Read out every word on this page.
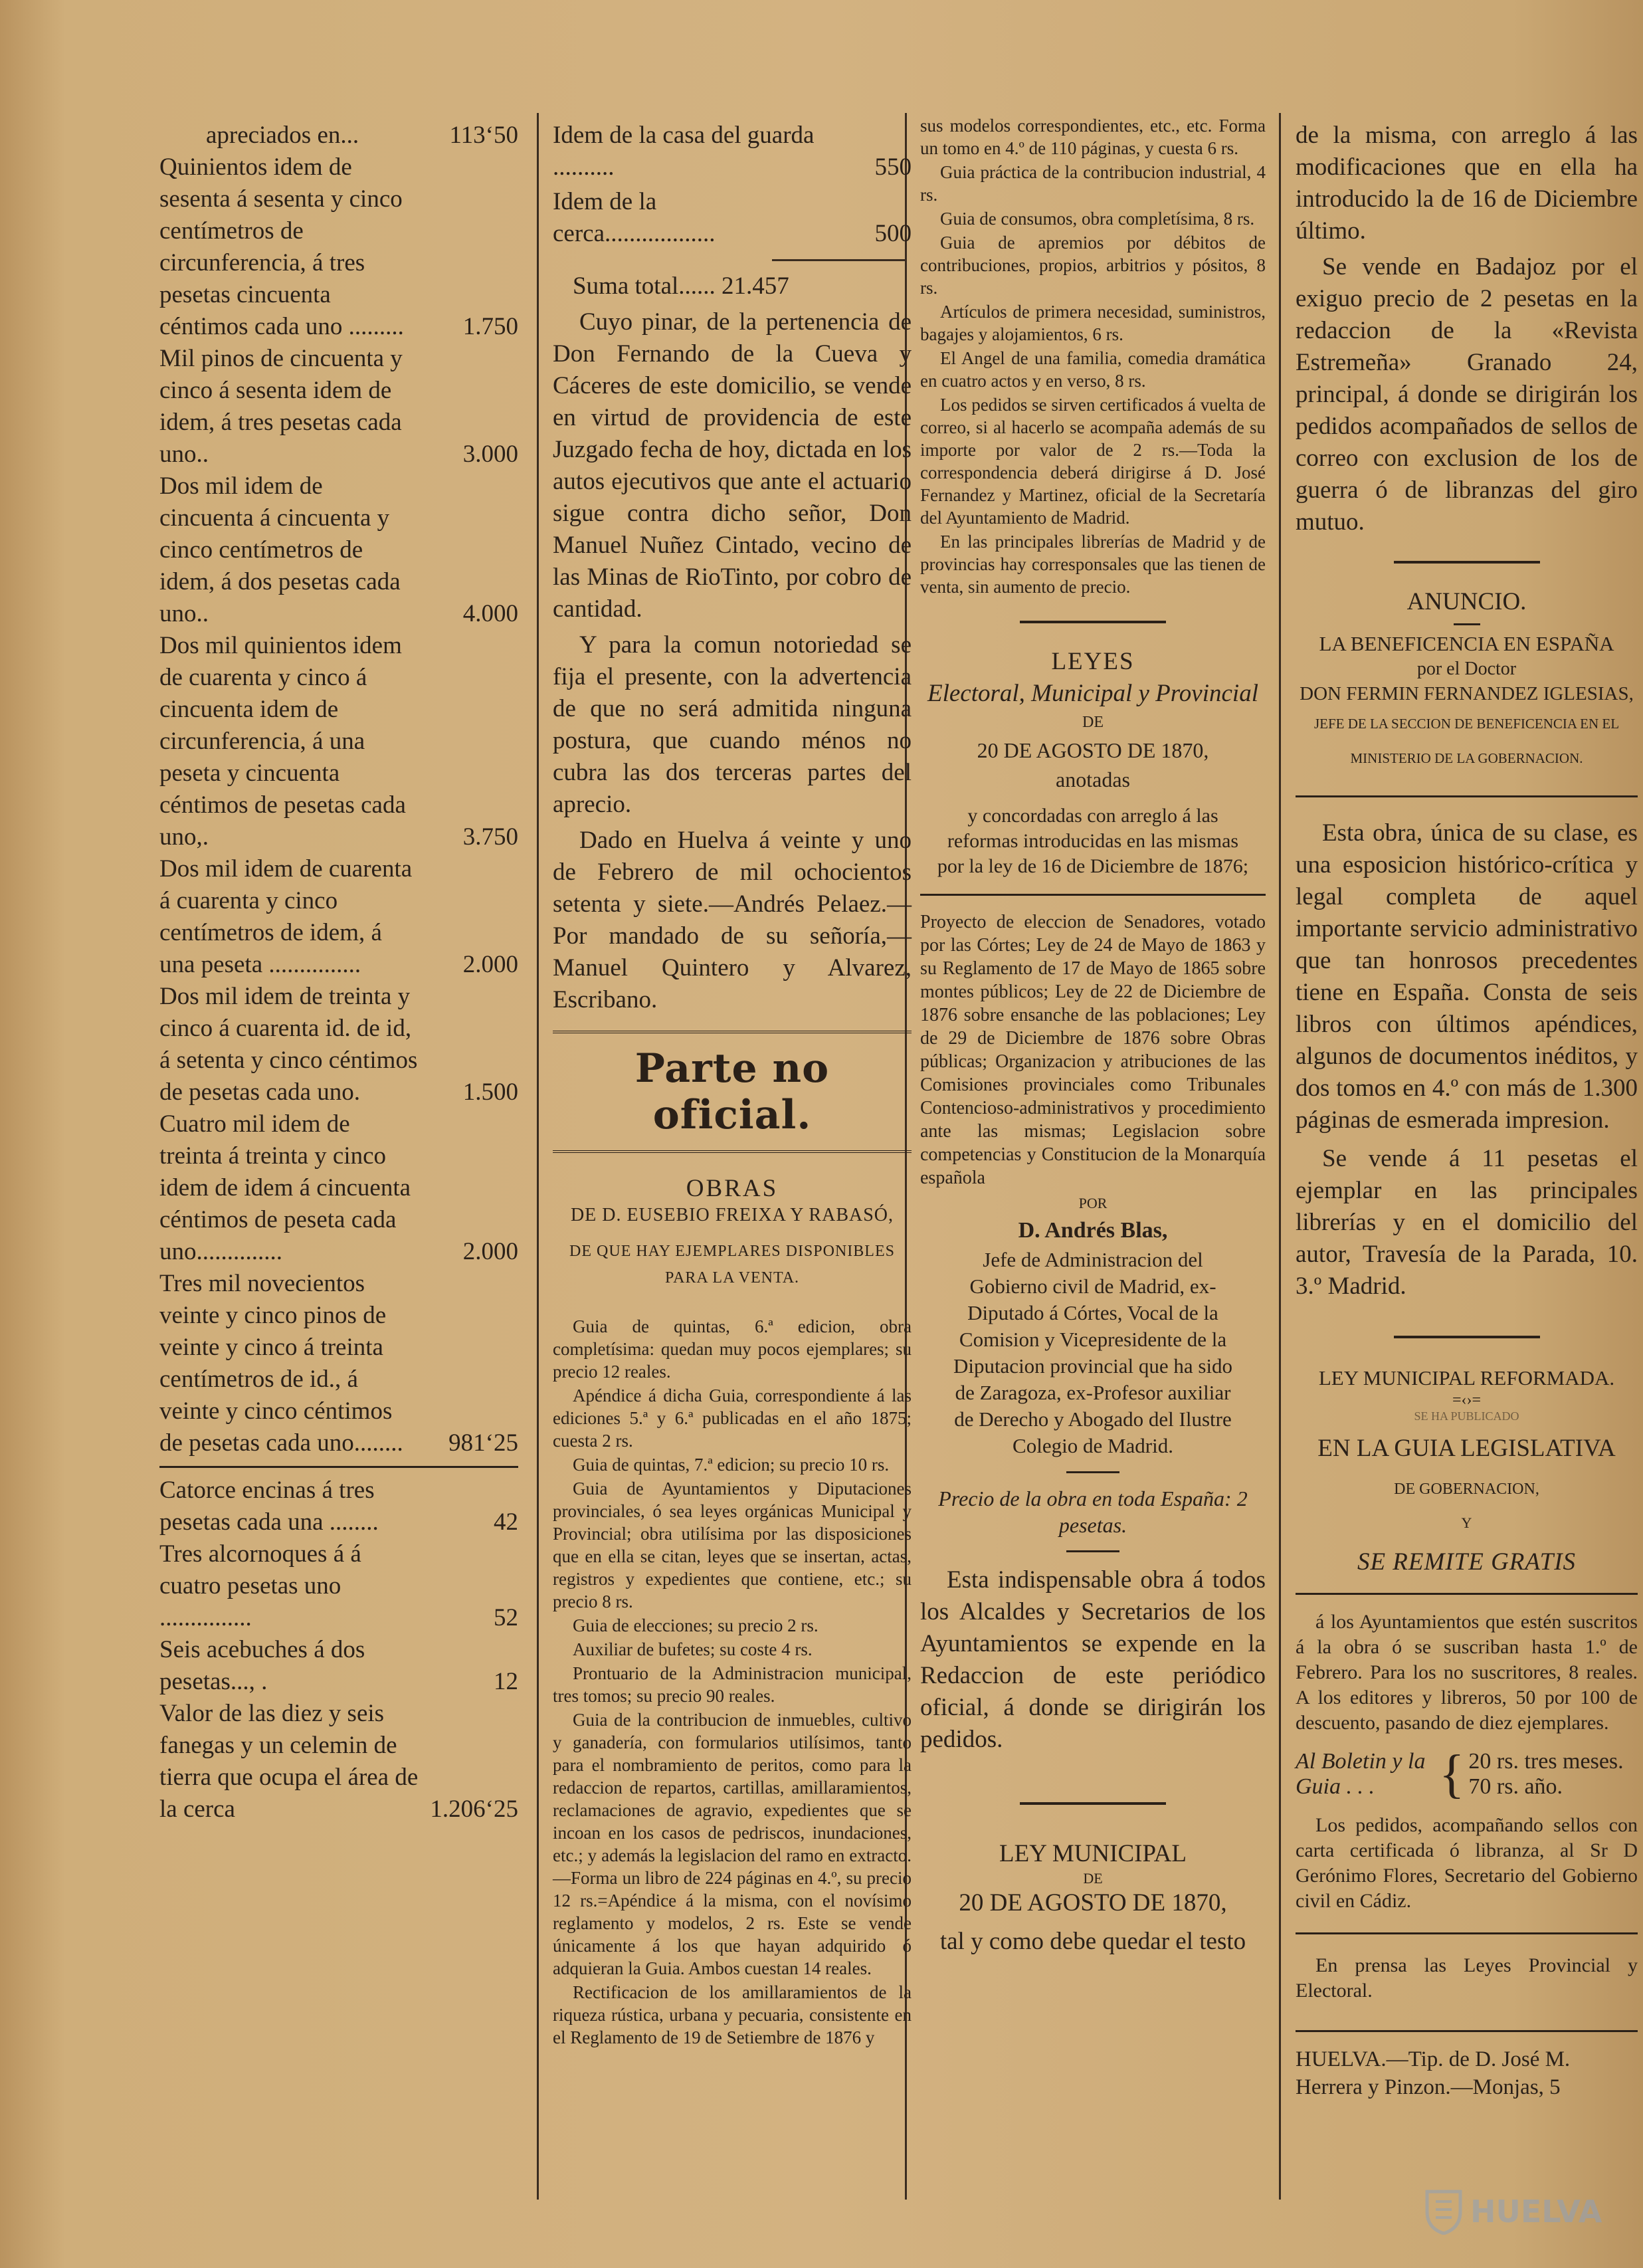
apreciados en...	113‘50
Quinientos idem de sesenta á sesenta y cinco centímetros de circunferencia, á tres pesetas cincuenta céntimos cada uno .........	1.750
Mil pinos de cincuenta y cinco á sesenta idem de idem, á tres pesetas cada uno..	3.000
Dos mil idem de cincuenta á cincuenta y cinco centímetros de idem, á dos pesetas cada uno..	4.000
Dos mil quinientos idem de cuarenta y cinco á cincuenta idem de circunferencia, á una peseta y cincuenta céntimos de pesetas cada uno,.	3.750
Dos mil idem de cuarenta á cuarenta y cinco centímetros de idem, á una peseta ...............	2.000
Dos mil idem de treinta y cinco á cuarenta id. de id, á setenta y cinco céntimos de pesetas cada uno.	1.500
Cuatro mil idem de treinta á treinta y cinco idem de idem á cincuenta céntimos de peseta cada uno..............	2.000
Tres mil novecientos veinte y cinco pinos de veinte y cinco á treinta centímetros de id., á veinte y cinco céntimos de pesetas cada uno........	981‘25
Catorce encinas á tres pesetas cada una ........	42
Tres alcornoques á á cuatro pesetas uno ...............	52
Seis acebuches á dos pesetas..., .	12
Valor de las diez y seis fanegas y un celemin de tierra que ocupa el área de la cerca	1.206‘25
Idem de la casa del guarda ..........	550
Idem de la cerca..................	500
Suma total...... 21.457

Cuyo pinar, de la pertenencia de Don Fernando de la Cueva y Cáceres de este domicilio, se vende en virtud de providencia de este Juzgado fecha de hoy, dictada en los autos ejecutivos que ante el actuario sigue contra dicho señor, Don Manuel Nuñez Cintado, vecino de las Minas de RioTinto, por cobro de cantidad.

Y para la comun notoriedad se fija el presente, con la advertencia de que no será admitida ninguna postura, que cuando ménos no cubra las dos terceras partes del aprecio.

Dado en Huelva á veinte y uno de Febrero de mil ochocientos setenta y siete.—Andrés Pelaez.—Por mandado de su señoría,—Manuel Quintero y Alvarez, Escribano.

Parte no oficial.
OBRAS
DE D. EUSEBIO FREIXA Y RABASÓ,
DE QUE HAY EJEMPLARES DISPONIBLES PARA LA VENTA.

Guia de quintas, 6.ª edicion, obra completísima: quedan muy pocos ejemplares; su precio 12 reales.

Apéndice á dicha Guia, correspondiente á las ediciones 5.ª y 6.ª publicadas en el año 1875; cuesta 2 rs.

Guia de quintas, 7.ª edicion; su precio 10 rs.

Guia de Ayuntamientos y Diputaciones provinciales, ó sea leyes orgánicas Municipal y Provincial; obra utilísima por las disposiciones que en ella se citan, leyes que se insertan, actas, registros y expedientes que contiene, etc.; su precio 8 rs.

Guia de elecciones; su precio 2 rs.

Auxiliar de bufetes; su coste 4 rs.

Prontuario de la Administracion municipal, tres tomos; su precio 90 reales.

Guia de la contribucion de inmuebles, cultivo y ganadería, con formularios utilísimos, tanto para el nombramiento de peritos, como para la redaccion de repartos, cartillas, amillaramientos, reclamaciones de agravio, expedientes que se incoan en los casos de pedriscos, inundaciones, etc.; y además la legislacion del ramo en extracto.—Forma un libro de 224 páginas en 4.º, su precio 12 rs.=Apéndice á la misma, con el novísimo reglamento y modelos, 2 rs. Este se vende únicamente á los que hayan adquirido ó adquieran la Guia. Ambos cuestan 14 reales.

Rectificacion de los amillaramientos de la riqueza rústica, urbana y pecuaria, consistente en el Reglamento de 19 de Setiembre de 1876 y

sus modelos correspondientes, etc., etc. Forma un tomo en 4.º de 110 páginas, y cuesta 6 rs.

Guia práctica de la contribucion industrial, 4 rs.

Guia de consumos, obra completísima, 8 rs.

Guia de apremios por débitos de contribuciones, propios, arbitrios y pósitos, 8 rs.

Artículos de primera necesidad, suministros, bagajes y alojamientos, 6 rs.

El Angel de una familia, comedia dramática en cuatro actos y en verso, 8 rs.

Los pedidos se sirven certificados á vuelta de correo, si al hacerlo se acompaña además de su importe por valor de 2 rs.—Toda la correspondencia deberá dirigirse á D. José Fernandez y Martinez, oficial de la Secretaría del Ayuntamiento de Madrid.

En las principales librerías de Madrid y de provincias hay corresponsales que las tienen de venta, sin aumento de precio.

LEYES
Electoral, Municipal y Provincial
DE
20 DE AGOSTO DE 1870,
anotadas
y concordadas con arreglo á las reformas introducidas en las mismas por la ley de 16 de Diciembre de 1876;
Proyecto de eleccion de Senadores, votado por las Córtes; Ley de 24 de Mayo de 1863 y su Reglamento de 17 de Mayo de 1865 sobre montes públicos; Ley de 22 de Diciembre de 1876 sobre ensanche de las poblaciones; Ley de 29 de Diciembre de 1876 sobre Obras públicas; Organizacion y atribuciones de las Comisiones provinciales como Tribunales Contencioso-administrativos y procedimiento ante las mismas; Legislacion sobre competencias y Constitucion de la Monarquía española
POR
D. Andrés Blas,
Jefe de Administracion del Gobierno civil de Madrid, ex-Diputado á Córtes, Vocal de la Comision y Vicepresidente de la Diputacion provincial que ha sido de Zaragoza, ex-Profesor auxiliar de Derecho y Abogado del Ilustre Colegio de Madrid.
Precio de la obra en toda España: 2 pesetas.

Esta indispensable obra á todos los Alcaldes y Secretarios de los Ayuntamientos se expende en la Redaccion de este periódico oficial, á donde se dirigirán los pedidos.

LEY MUNICIPAL
DE
20 DE AGOSTO DE 1870,
tal y como debe quedar el testo

de la misma, con arreglo á las modificaciones que en ella ha introducido la de 16 de Diciembre último.

Se vende en Badajoz por el exiguo precio de 2 pesetas en la redaccion de la «Revista Estremeña» Granado 24, principal, á donde se dirigirán los pedidos acompañados de sellos de correo con exclusion de los de guerra ó de libranzas del giro mutuo.

ANUNCIO.
LA BENEFICENCIA EN ESPAÑA
por el Doctor
DON FERMIN FERNANDEZ IGLESIAS,
JEFE DE LA SECCION DE BENEFICENCIA EN EL MINISTERIO DE LA GOBERNACION.

Esta obra, única de su clase, es una esposicion histórico-crítica y legal completa de aquel importante servicio administrativo que tan honrosos precedentes tiene en España. Consta de seis libros con últimos apéndices, algunos de documentos inéditos, y dos tomos en 4.º con más de 1.300 páginas de esmerada impresion.

Se vende á 11 pesetas el ejemplar en las principales librerías y en el domicilio del autor, Travesía de la Parada, 10. 3.º Madrid.

LEY MUNICIPAL REFORMADA.
=‹›=
SE HA PUBLICADO
EN LA GUIA LEGISLATIVA
DE GOBERNACION,
Y
SE REMITE GRATIS

á los Ayuntamientos que estén suscritos á la obra ó se suscriban hasta 1.º de Febrero. Para los no suscritores, 8 reales. A los editores y libreros, 50 por 100 de descuento, pasando de diez ejemplares.

Al Boletin y la Guia . . .	{ 20 rs. tres meses.
70 rs. año.

Los pedidos, acompañando sellos con carta certificada ó libranza, al Sr D Gerónimo Flores, Secretario del Gobierno civil en Cádiz.

En prensa las Leyes Provincial y Electoral.

HUELVA.—Tip. de D. José M. Herrera y Pinzon.—Monjas, 5
HUELVA
